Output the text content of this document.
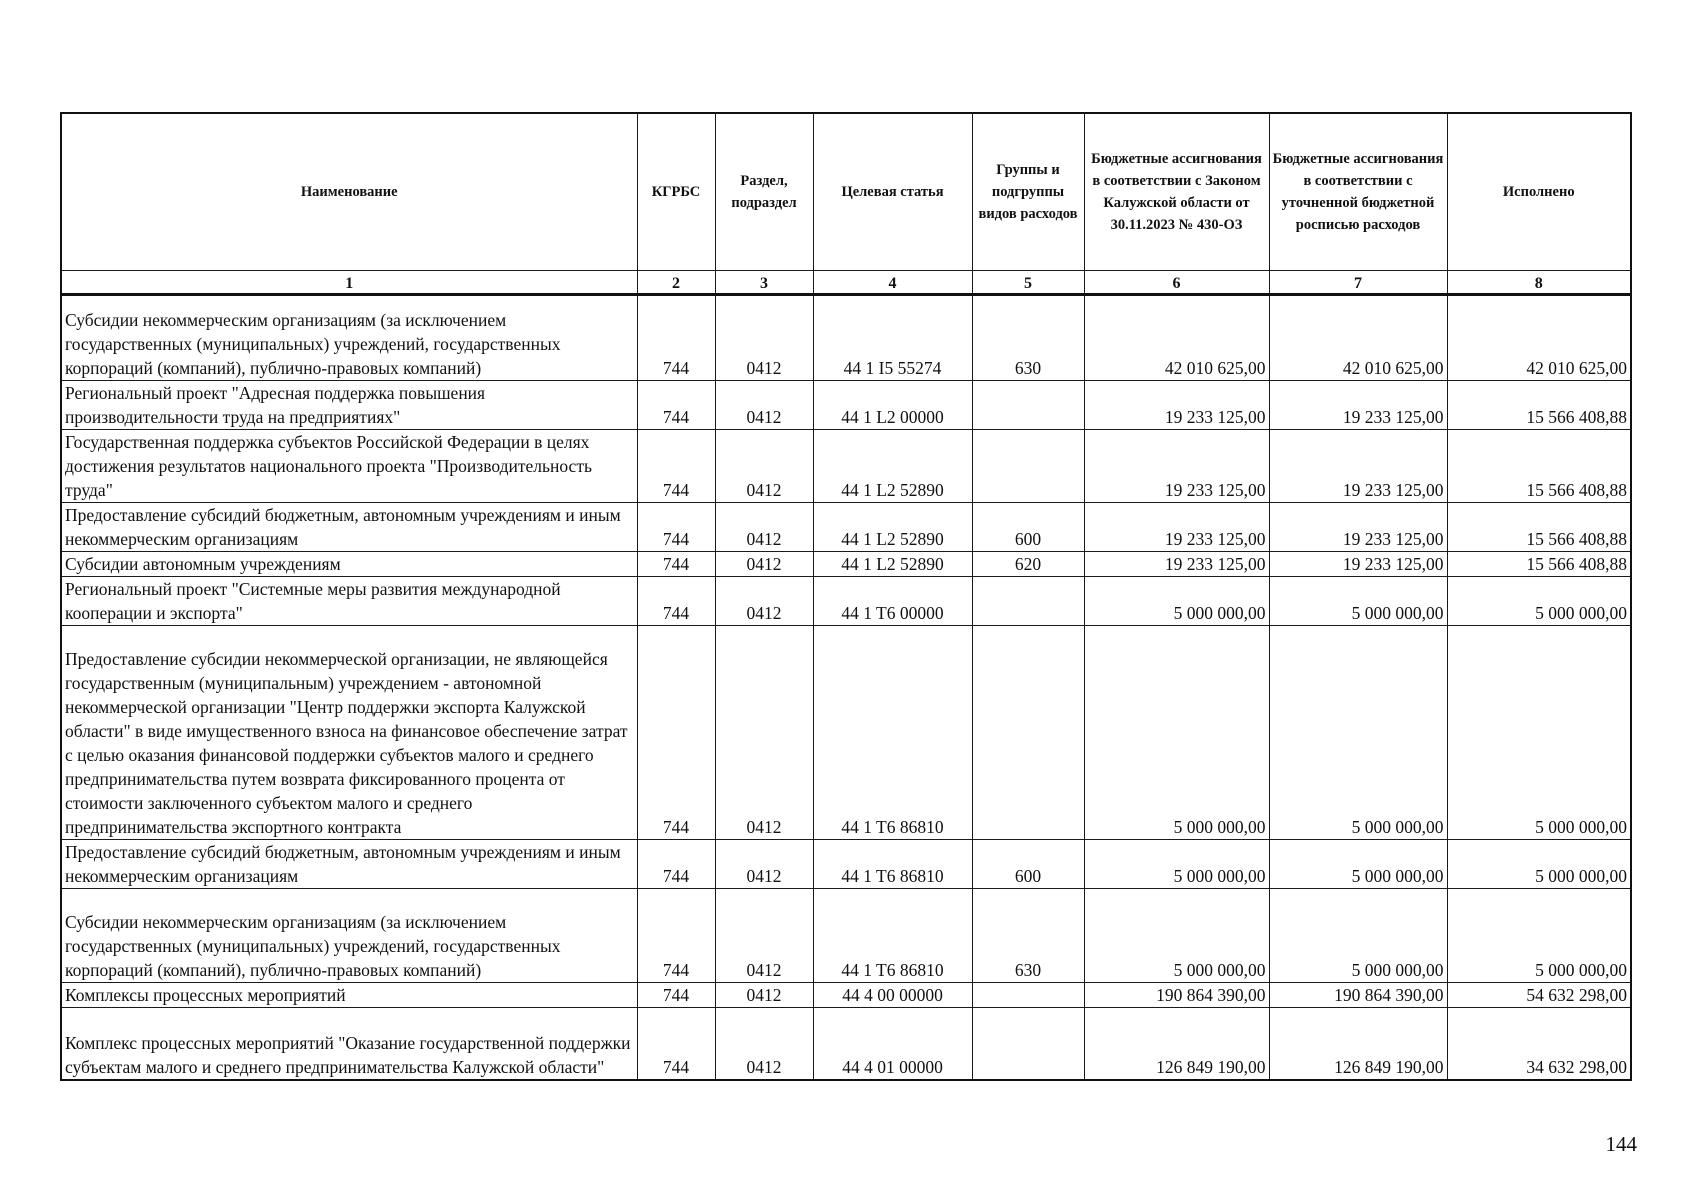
Наименование	КГРБС	Раздел, подраздел	Целевая статья	Группы и подгруппы видов расходов	Бюджетные ассигнования в соответствии с Законом Калужской области от 30.11.2023 № 430-ОЗ	Бюджетные ассигнования в соответствии с уточненной бюджетной росписью расходов	Исполнено
1	2	3	4	5	6	7	8
Субсидии некоммерческим организациям (за исключением государственных (муниципальных) учреждений, государственных корпораций (компаний), публично-правовых компаний)	744	0412	44 1 I5 55274	630	42 010 625,00	42 010 625,00	42 010 625,00
Региональный проект "Адресная поддержка повышения производительности труда на предприятиях"	744	0412	44 1 L2 00000		19 233 125,00	19 233 125,00	15 566 408,88
Государственная поддержка субъектов Российской Федерации в целях достижения результатов национального проекта "Производительность труда"	744	0412	44 1 L2 52890		19 233 125,00	19 233 125,00	15 566 408,88
Предоставление субсидий бюджетным, автономным учреждениям и иным некоммерческим организациям	744	0412	44 1 L2 52890	600	19 233 125,00	19 233 125,00	15 566 408,88
Субсидии автономным учреждениям	744	0412	44 1 L2 52890	620	19 233 125,00	19 233 125,00	15 566 408,88
Региональный проект "Системные меры развития международной кооперации и экспорта"	744	0412	44 1 T6 00000		5 000 000,00	5 000 000,00	5 000 000,00
Предоставление субсидии некоммерческой организации, не являющейся государственным (муниципальным) учреждением - автономной некоммерческой организации "Центр поддержки экспорта Калужской области" в виде имущественного взноса на финансовое обеспечение затрат с целью оказания финансовой поддержки субъектов малого и среднего предпринимательства путем возврата фиксированного процента от стоимости заключенного субъектом малого и среднего предпринимательства экспортного контракта	744	0412	44 1 T6 86810		5 000 000,00	5 000 000,00	5 000 000,00
Предоставление субсидий бюджетным, автономным учреждениям и иным некоммерческим организациям	744	0412	44 1 T6 86810	600	5 000 000,00	5 000 000,00	5 000 000,00
Субсидии некоммерческим организациям (за исключением государственных (муниципальных) учреждений, государственных корпораций (компаний), публично-правовых компаний)	744	0412	44 1 T6 86810	630	5 000 000,00	5 000 000,00	5 000 000,00
Комплексы процессных мероприятий	744	0412	44 4 00 00000		190 864 390,00	190 864 390,00	54 632 298,00
Комплекс процессных мероприятий "Оказание государственной поддержки субъектам малого и среднего предпринимательства Калужской области"	744	0412	44 4 01 00000		126 849 190,00	126 849 190,00	34 632 298,00
144
